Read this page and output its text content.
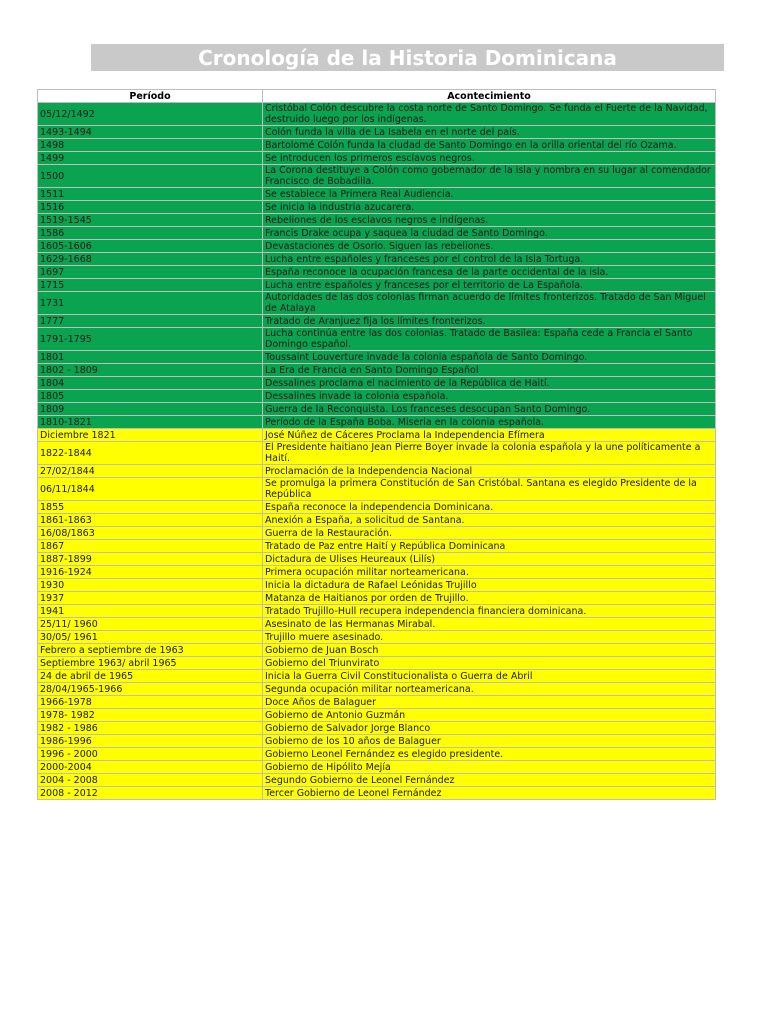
Cronología de la Historia Dominicana
Período	Acontecimiento
05/12/1492	Cristóbal Colón descubre la costa norte de Santo Domingo. Se funda el Fuerte de la Navidad, destruido luego por los indígenas.
1493-1494	Colón funda la villa de La Isabela en el norte del país.
1498	Bartolomé Colón funda la ciudad de Santo Domingo en la orilla oriental del río Ozama.
1499	Se introducen los primeros esclavos negros.
1500	La Corona destituye a Colón como gobernador de la isla y nombra en su lugar al comendador Francisco de Bobadilla.
1511	Se establece la Primera Real Audiencia.
1516	Se inicia la industria azucarera.
1519-1545	Rebeliones de los esclavos negros e indígenas.
1586	Francis Drake ocupa y saquea la ciudad de Santo Domingo.
1605-1606	Devastaciones de Osorio. Siguen las rebeliones.
1629-1668	Lucha entre españoles y franceses por el control de la Isla Tortuga.
1697	España reconoce la ocupación francesa de la parte occidental de la isla.
1715	Lucha entre españoles y franceses por el territorio de La Española.
1731	Autoridades de las dos colonias firman acuerdo de límites fronterizos. Tratado de San Miguel de Atalaya
1777	Tratado de Aranjuez fija los límites fronterizos.
1791-1795	Lucha continúa entre las dos colonias. Tratado de Basilea: España cede a Francia el Santo Domingo español.
1801	Toussaint Louverture invade la colonia española de Santo Domingo.
1802 - 1809	La Era de Francia en Santo Domingo Español
1804	Dessalines proclama el nacimiento de la República de Haití.
1805	Dessalines invade la colonia española.
1809	Guerra de la Reconquista. Los franceses desocupan Santo Domingo.
1810-1821	Período de la España Boba. Miseria en la colonia española.
Diciembre 1821	José Núñez de Cáceres Proclama la Independencia Efímera
1822-1844	El Presidente haitiano Jean Pierre Boyer invade la colonia española y la une políticamente a Haití.
27/02/1844	Proclamación de la Independencia Nacional
06/11/1844	Se promulga la primera Constitución de San Cristóbal. Santana es elegido Presidente de la República
1855	España reconoce la independencia Dominicana.
1861-1863	Anexión a España, a solicitud de Santana.
16/08/1863	Guerra de la Restauración.
1867	Tratado de Paz entre Haití y República Dominicana
1887-1899	Dictadura de Ulises Heureaux (Lilís)
1916-1924	Primera ocupación militar norteamericana.
1930	Inicia la dictadura de Rafael Leónidas Trujillo
1937	Matanza de Haitianos por orden de Trujillo.
1941	Tratado Trujillo-Hull recupera independencia financiera dominicana.
25/11/ 1960	Asesinato de las Hermanas Mirabal.
30/05/ 1961	Trujillo muere asesinado.
Febrero a septiembre de 1963	Gobierno de Juan Bosch
Septiembre 1963/ abril 1965	Gobierno del Triunvirato
24 de abril de 1965	Inicia la Guerra Civil Constitucionalista o Guerra de Abril
28/04/1965-1966	Segunda ocupación militar norteamericana.
1966-1978	Doce Años de Balaguer
1978- 1982	Gobierno de Antonio Guzmán
1982 - 1986	Gobierno de Salvador Jorge Blanco
1986-1996	Gobierno de los 10 años de Balaguer
1996 - 2000	Gobierno Leonel Fernández es elegido presidente.
2000-2004	Gobierno de Hipólito Mejía
2004 - 2008	Segundo Gobierno de Leonel Fernández
2008 - 2012	Tercer Gobierno de Leonel Fernández
